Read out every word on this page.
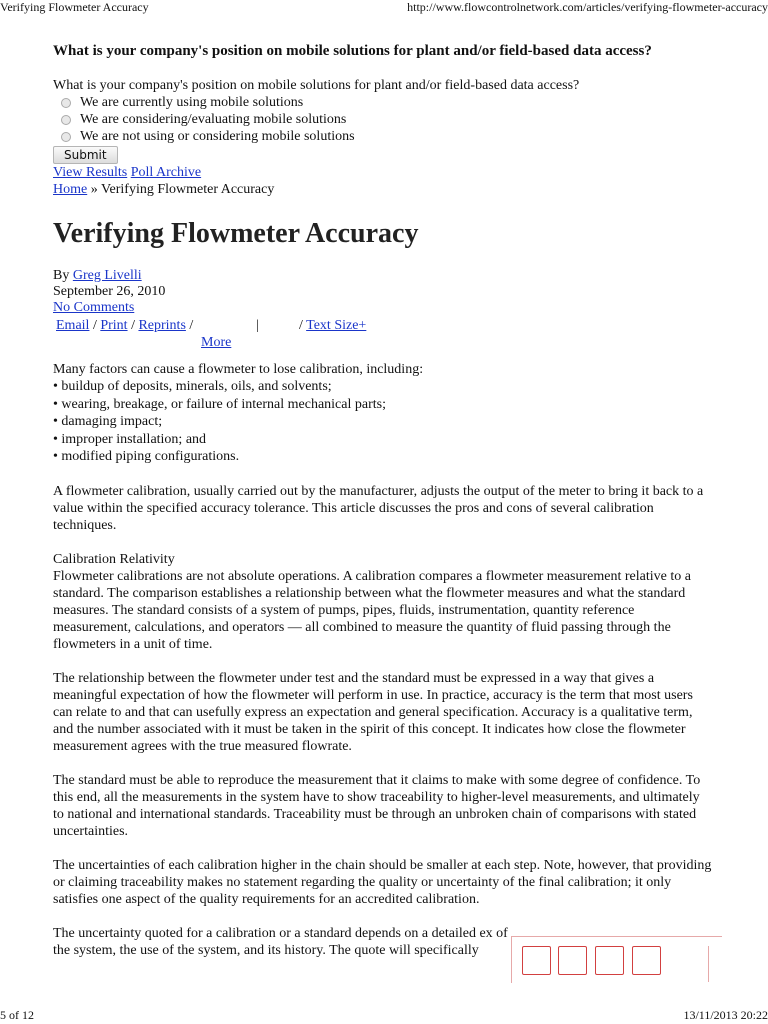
Verifying Flowmeter Accuracy	http://www.flowcontrolnetwork.com/articles/verifying-flowmeter-accuracy
What is your company's position on mobile solutions for plant and/or field-based data access?
What is your company's position on mobile solutions for plant and/or field-based data access?
We are currently using mobile solutions
We are considering/evaluating mobile solutions
We are not using or considering mobile solutions
Submit
View Results Poll Archive
Home » Verifying Flowmeter Accuracy
Verifying Flowmeter Accuracy
By Greg Livelli
September 26, 2010
No Comments
Email / Print / Reprints /	|	/ Text Size+
More
Many factors can cause a flowmeter to lose calibration, including:
• buildup of deposits, minerals, oils, and solvents;
• wearing, breakage, or failure of internal mechanical parts;
• damaging impact;
• improper installation; and
• modified piping configurations.

A flowmeter calibration, usually carried out by the manufacturer, adjusts the output of the meter to bring it back to a value within the specified accuracy tolerance. This article discusses the pros and cons of several calibration techniques.

Calibration Relativity

Flowmeter calibrations are not absolute operations. A calibration compares a flowmeter measurement relative to a standard. The comparison establishes a relationship between what the flowmeter measures and what the standard measures. The standard consists of a system of pumps, pipes, fluids, instrumentation, quantity reference measurement, calculations, and operators — all combined to measure the quantity of fluid passing through the flowmeters in a unit of time.

The relationship between the flowmeter under test and the standard must be expressed in a way that gives a meaningful expectation of how the flowmeter will perform in use. In practice, accuracy is the term that most users can relate to and that can usefully express an expectation and general specification. Accuracy is a qualitative term, and the number associated with it must be taken in the spirit of this concept. It indicates how close the flowmeter measurement agrees with the true measured flowrate.

The standard must be able to reproduce the measurement that it claims to make with some degree of confidence. To this end, all the measurements in the system have to show traceability to higher-level measurements, and ultimately to national and international standards. Traceability must be through an unbroken chain of comparisons with stated uncertainties.

The uncertainties of each calibration higher in the chain should be smaller at each step. Note, however, that providing or claiming traceability makes no statement regarding the quality or uncertainty of the final calibration; it only satisfies one aspect of the quality requirements for an accredited calibration.

The uncertainty quoted for a calibration or a standard depends on a detailed ex of the system, the use of the system, and its history. The quote will specifically

5 of 12	13/11/2013 20:22
